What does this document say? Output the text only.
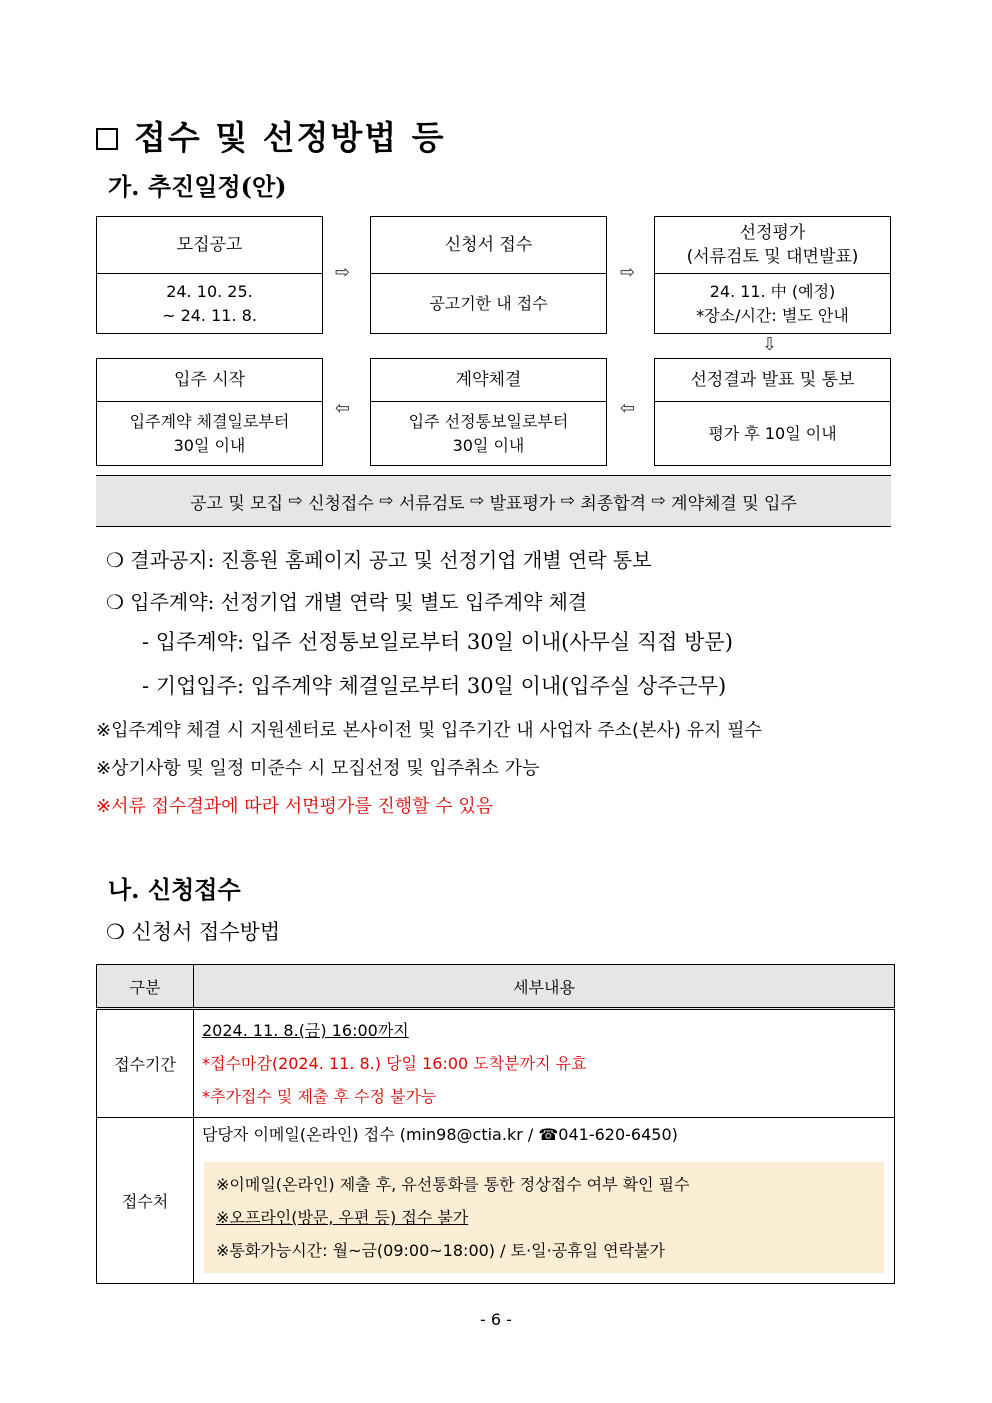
접수 및 선정방법 등
가. 추진일정(안)
모집공고
24. 10. 25.
~ 24. 11. 8.
⇨
신청서 접수
공고기한 내 접수
⇨
선정평가
(서류검토 및 대면발표)
24. 11. 中 (예정)
*장소/시간: 별도 안내
⇩
입주 시작
입주계약 체결일로부터
30일 이내
⇦
계약체결
입주 선정통보일로부터
30일 이내
⇦
선정결과 발표 및 통보
평가 후 10일 이내
공고 및 모집
⇨
신청접수
⇨
서류검토
⇨
발표평가
⇨
최종합격
⇨
계약체결 및 입주
❍ 결과공지: 진흥원 홈페이지 공고 및 선정기업 개별 연락 통보
❍ 입주계약: 선정기업 개별 연락 및 별도 입주계약 체결
- 입주계약: 입주 선정통보일로부터 30일 이내(사무실 직접 방문)
- 기업입주: 입주계약 체결일로부터 30일 이내(입주실 상주근무)
※입주계약 체결 시 지원센터로 본사이전 및 입주기간 내 사업자 주소(본사) 유지 필수
※상기사항 및 일정 미준수 시 모집선정 및 입주취소 가능
※서류 접수결과에 따라 서면평가를 진행할 수 있음
나. 신청접수
❍ 신청서 접수방법
구분	세부내용
접수기간	2024. 11. 8.(금) 16:00까지
*접수마감(2024. 11. 8.) 당일 16:00 도착분까지 유효
*추가접수 및 제출 후 수정 불가능

접수처	담당자 이메일(온라인) 접수 (min98@ctia.kr / ☎041-620-6450)
※이메일(온라인) 제출 후, 유선통화를 통한 정상접수 여부 확인 필수
※오프라인(방문, 우편 등) 접수 불가
※통화가능시간: 월~금(09:00~18:00) / 토·일·공휴일 연락불가
- 6 -
